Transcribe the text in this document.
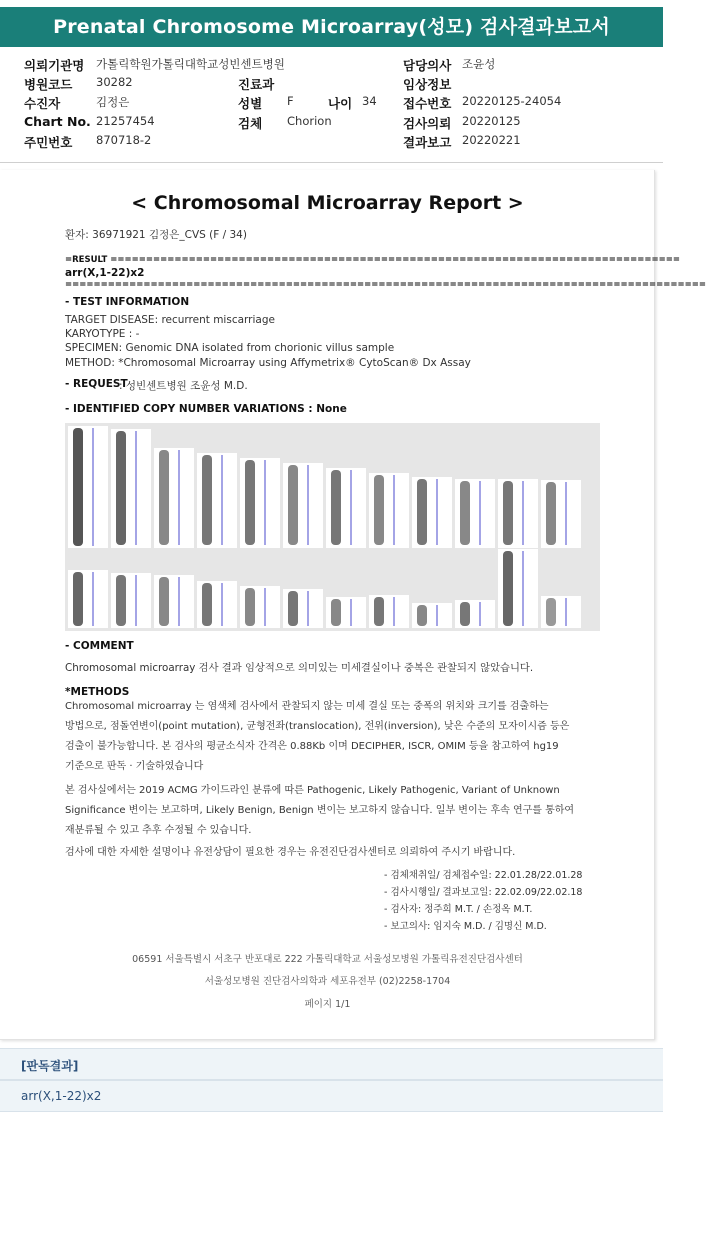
Prenatal Chromosome Microarray(성모) 검사결과보고서
의뢰기관명 가톨릭학원가톨릭대학교성빈센트병원	담당의사 조윤성
병원코드 30282	진료과	임상정보
수진자	김정은	성별 F	나이 34 접수번호 20220125-24054
Chart No. 21257454	검체 Chorion	검사의뢰 20220125
주민번호 870718-2	결과보고 20220221
< Chromosomal Microarray Report >
환자: 36971921 김정은_CVS (F / 34)
=RESULT ================================================================================
arr(X,1-22)x2
==========================================================================================
- TEST INFORMATION
TARGET DISEASE: recurrent miscarriage
KARYOTYPE : -
SPECIMEN: Genomic DNA isolated from chorionic villus sample
METHOD: *Chromosomal Microarray using Affymetrix® CytoScan® Dx Assay
- REQUEST
: 성빈센트병원 조윤성 M.D.
- IDENTIFIED COPY NUMBER VARIATIONS : None
- COMMENT
Chromosomal microarray 검사 결과 임상적으로 의미있는 미세결실이나 중복은 관찰되지 않았습니다.
*METHODS
Chromosomal microarray 는 염색체 검사에서 관찰되지 않는 미세 결실 또는 중폭의 위치와 크기를 검출하는
방법으로, 점돌연변이(point mutation), 균형전좌(translocation), 전위(inversion), 낮은 수준의 모자이시즘 등은
검출이 불가능합니다. 본 검사의 평균소식자 간격은 0.88Kb 이며 DECIPHER, ISCR, OMIM 등을 참고하여 hg19
기준으로 판독 · 기술하였습니다
본 검사실에서는 2019 ACMG 가이드라인 분류에 따른 Pathogenic, Likely Pathogenic, Variant of Unknown
Significance 변이는 보고하며, Likely Benign, Benign 변이는 보고하지 않습니다. 일부 변이는 후속 연구를 통하여
재분류될 수 있고 추후 수정될 수 있습니다.
검사에 대한 자세한 설명이나 유전상담이 필요한 경우는 유전진단검사센터로 의뢰하여 주시기 바랍니다.
- 검체채취일/ 검체접수일: 22.01.28/22.01.28
- 검사시행일/ 결과보고일: 22.02.09/22.02.18
- 검사자: 정주희 M.T. / 손정옥 M.T.
- 보고의사: 임지숙 M.D. / 김명신 M.D.
06591 서울특별시 서초구 반포대로 222 가톨릭대학교 서울성모병원 가톨릭유전진단검사센터
서울성모병원 진단검사의학과 세포유전부 (02)2258-1704
페이지 1/1
[판독결과]
arr(X,1-22)x2
